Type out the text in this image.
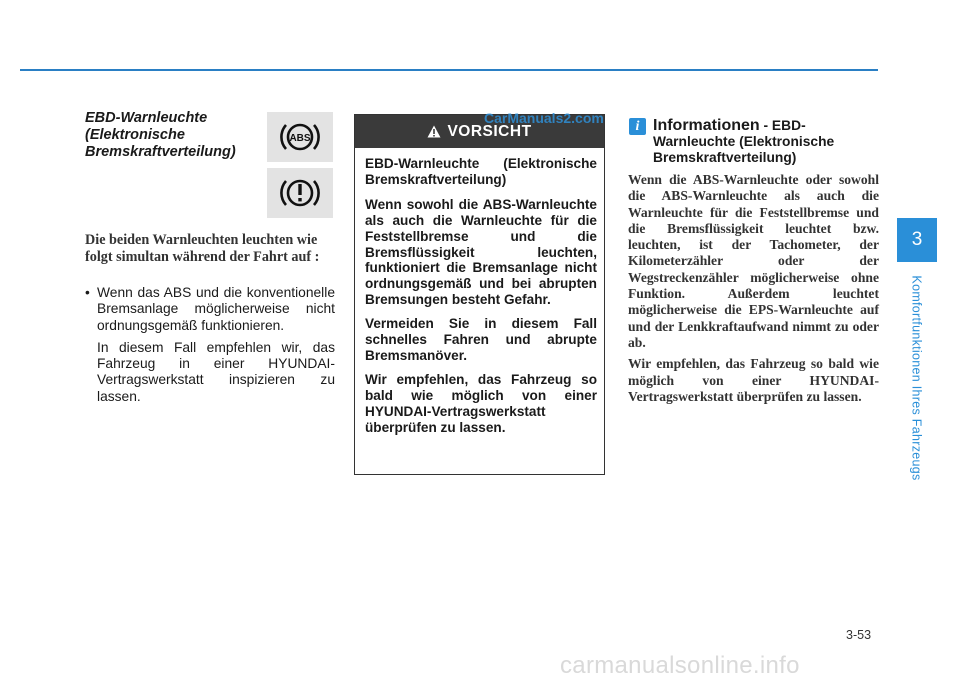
EBD-Warnleuchte (Elektronische Bremskraftverteilung)
ABS
Die beiden Warnleuchten leuchten wie folgt simultan während der Fahrt auf :
• Wenn das ABS und die konventionelle Bremsanlage möglicherweise nicht ordnungsgemäß funktionieren.
In diesem Fall empfehlen wir, das Fahrzeug in einer HYUNDAI-Vertragswerkstatt inspizieren zu lassen.
VORSICHT

EBD-Warnleuchte (Elektronische Bremskraftverteilung)

Wenn sowohl die ABS-Warnleuchte als auch die Warnleuchte für die Feststellbremse und die Bremsflüssigkeit leuchten, funktioniert die Bremsanlage nicht ordnungsgemäß und bei abrupten Bremsungen besteht Gefahr.

Vermeiden Sie in diesem Fall schnelles Fahren und abrupte Bremsmanöver.

Wir empfehlen, das Fahrzeug so bald wie möglich von einer HYUNDAI-Vertragswerkstatt überprüfen zu lassen.

CarManuals2.com	i Informationen - EBD-Warnleuchte (Elektronische Bremskraftverteilung)

Wenn die ABS-Warnleuchte oder sowohl die ABS-Warnleuchte als auch die Warnleuchte für die Feststellbremse und die Bremsflüssigkeit leuchtet bzw. leuchten, ist der Tachometer, der Kilometerzähler oder der Wegstreckenzähler möglicherweise ohne Funktion. Außerdem leuchtet möglicherweise die EPS-Warnleuchte auf und der Lenkkraftaufwand nimmt zu oder ab.

Wir empfehlen, das Fahrzeug so bald wie möglich von einer HYUNDAI-Vertragswerkstatt überprüfen zu lassen.

3
Komfortfunktionen Ihres Fahrzeugs
3-53
carmanualsonline.info
